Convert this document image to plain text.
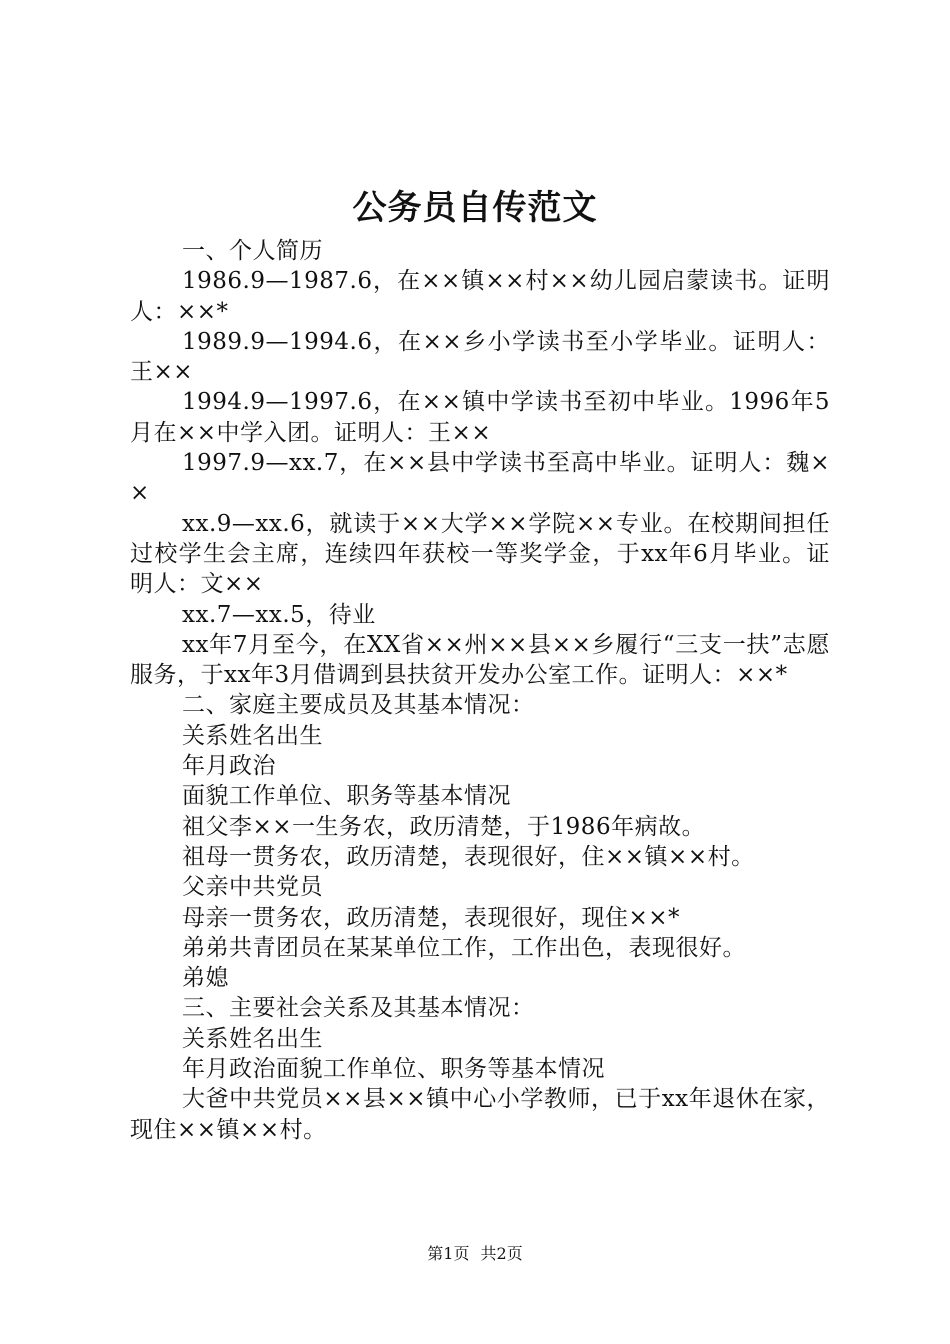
公务员自传范文

一、个人简历

1986.9—1987.6，在××镇××村××幼儿园启蒙读书。证明人：××*

1989.9—1994.6，在××乡小学读书至小学毕业。证明人：王××

1994.9—1997.6，在××镇中学读书至初中毕业。1996年5月在××中学入团。证明人：王××

1997.9—xx.7，在××县中学读书至高中毕业。证明人：魏××

xx.9—xx.6，就读于××大学××学院××专业。在校期间担任过校学生会主席，连续四年获校一等奖学金，于xx年6月毕业。证明人：文××

xx.7—xx.5，待业

xx年7月至今，在XX省××州××县××乡履行“三支一扶”志愿服务，于xx年3月借调到县扶贫开发办公室工作。证明人：××*

二、家庭主要成员及其基本情况：

关系姓名出生

年月政治

面貌工作单位、职务等基本情况

祖父李××一生务农，政历清楚，于1986年病故。

祖母一贯务农，政历清楚，表现很好，住××镇××村。

父亲中共党员

母亲一贯务农，政历清楚，表现很好，现住××*

弟弟共青团员在某某单位工作，工作出色，表现很好。

弟媳

三、主要社会关系及其基本情况：

关系姓名出生

年月政治面貌工作单位、职务等基本情况

大爸中共党员××县××镇中心小学教师，已于xx年退休在家，现住××镇××村。

第1页 共2页
